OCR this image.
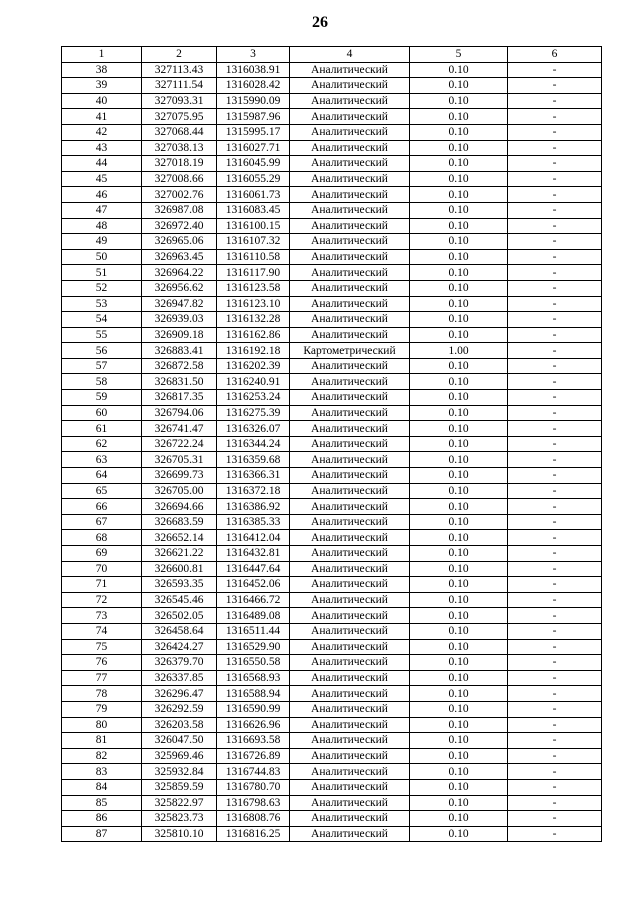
26
1	2	3	4	5	6
38	327113.43	1316038.91	Аналитический	0.10	-
39	327111.54	1316028.42	Аналитический	0.10	-
40	327093.31	1315990.09	Аналитический	0.10	-
41	327075.95	1315987.96	Аналитический	0.10	-
42	327068.44	1315995.17	Аналитический	0.10	-
43	327038.13	1316027.71	Аналитический	0.10	-
44	327018.19	1316045.99	Аналитический	0.10	-
45	327008.66	1316055.29	Аналитический	0.10	-
46	327002.76	1316061.73	Аналитический	0.10	-
47	326987.08	1316083.45	Аналитический	0.10	-
48	326972.40	1316100.15	Аналитический	0.10	-
49	326965.06	1316107.32	Аналитический	0.10	-
50	326963.45	1316110.58	Аналитический	0.10	-
51	326964.22	1316117.90	Аналитический	0.10	-
52	326956.62	1316123.58	Аналитический	0.10	-
53	326947.82	1316123.10	Аналитический	0.10	-
54	326939.03	1316132.28	Аналитический	0.10	-
55	326909.18	1316162.86	Аналитический	0.10	-
56	326883.41	1316192.18	Картометрический	1.00	-
57	326872.58	1316202.39	Аналитический	0.10	-
58	326831.50	1316240.91	Аналитический	0.10	-
59	326817.35	1316253.24	Аналитический	0.10	-
60	326794.06	1316275.39	Аналитический	0.10	-
61	326741.47	1316326.07	Аналитический	0.10	-
62	326722.24	1316344.24	Аналитический	0.10	-
63	326705.31	1316359.68	Аналитический	0.10	-
64	326699.73	1316366.31	Аналитический	0.10	-
65	326705.00	1316372.18	Аналитический	0.10	-
66	326694.66	1316386.92	Аналитический	0.10	-
67	326683.59	1316385.33	Аналитический	0.10	-
68	326652.14	1316412.04	Аналитический	0.10	-
69	326621.22	1316432.81	Аналитический	0.10	-
70	326600.81	1316447.64	Аналитический	0.10	-
71	326593.35	1316452.06	Аналитический	0.10	-
72	326545.46	1316466.72	Аналитический	0.10	-
73	326502.05	1316489.08	Аналитический	0.10	-
74	326458.64	1316511.44	Аналитический	0.10	-
75	326424.27	1316529.90	Аналитический	0.10	-
76	326379.70	1316550.58	Аналитический	0.10	-
77	326337.85	1316568.93	Аналитический	0.10	-
78	326296.47	1316588.94	Аналитический	0.10	-
79	326292.59	1316590.99	Аналитический	0.10	-
80	326203.58	1316626.96	Аналитический	0.10	-
81	326047.50	1316693.58	Аналитический	0.10	-
82	325969.46	1316726.89	Аналитический	0.10	-
83	325932.84	1316744.83	Аналитический	0.10	-
84	325859.59	1316780.70	Аналитический	0.10	-
85	325822.97	1316798.63	Аналитический	0.10	-
86	325823.73	1316808.76	Аналитический	0.10	-
87	325810.10	1316816.25	Аналитический	0.10	-
